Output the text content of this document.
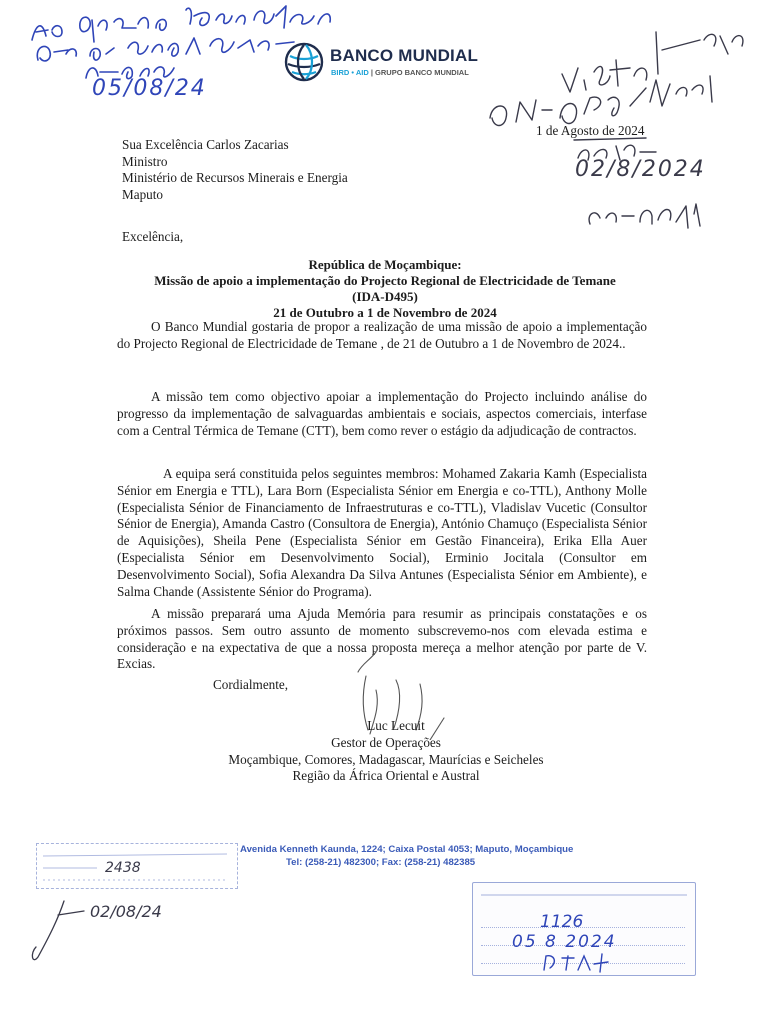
05/08/24
02/8/2024
BANCO MUNDIAL
BIRD • AID | GRUPO BANCO MUNDIAL
1 de Agosto de 2024
Sua Excelência Carlos Zacarias
Ministro
Ministério de Recursos Minerais e Energia
Maputo
Excelência,
República de Moçambique:
Missão de apoio a implementação do Projecto Regional de Electricidade de Temane
(IDA-D495)
21 de Outubro a 1 de Novembro de 2024
O Banco Mundial gostaria de propor a realização de uma missão de apoio a implementação do Projecto Regional de Electricidade de Temane , de 21 de Outubro a 1 de Novembro de 2024..
A missão tem como objectivo apoiar a implementação do Projecto incluindo análise do progresso da implementação de salvaguardas ambientais e sociais, aspectos comerciais, interfase com a Central Térmica de Temane (CTT), bem como rever o estágio da adjudicação de contractos.
A equipa será constituida pelos seguintes membros: Mohamed Zakaria Kamh (Especialista Sénior em Energia e TTL), Lara Born (Especialista Sénior em Energia e co-TTL), Anthony Molle (Especialista Sénior de Financiamento de Infraestruturas e co-TTL), Vladislav Vucetic (Consultor Sénior de Energia), Amanda Castro (Consultora de Energia), António Chamuço (Especialista Sénior de Aquisições), Sheila Pene (Especialista Sénior em Gestão Financeira), Erika Ella Auer (Especialista Sénior em Desenvolvimento Social), Erminio Jocitala (Consultor em Desenvolvimento Social), Sofia Alexandra Da Silva Antunes (Especialista Sénior em Ambiente), e Salma Chande (Assistente Sénior do Programa).
A missão preparará uma Ajuda Memória para resumir as principais constatações e os próximos passos. Sem outro assunto de momento subscrevemo-nos com elevada estima e consideração e na expectativa de que a nossa proposta mereça a melhor atenção por parte de V. Excias.
Cordialmente,
Luc Lecuit
Gestor de Operações
Moçambique, Comores, Madagascar, Maurícias e Seicheles
Região da África Oriental e Austral
2438
02/08/24
Avenida Kenneth Kaunda, 1224; Caixa Postal 4053; Maputo, Moçambique
Tel: (258-21) 482300; Fax: (258-21) 482385
1126
05 8 2024
